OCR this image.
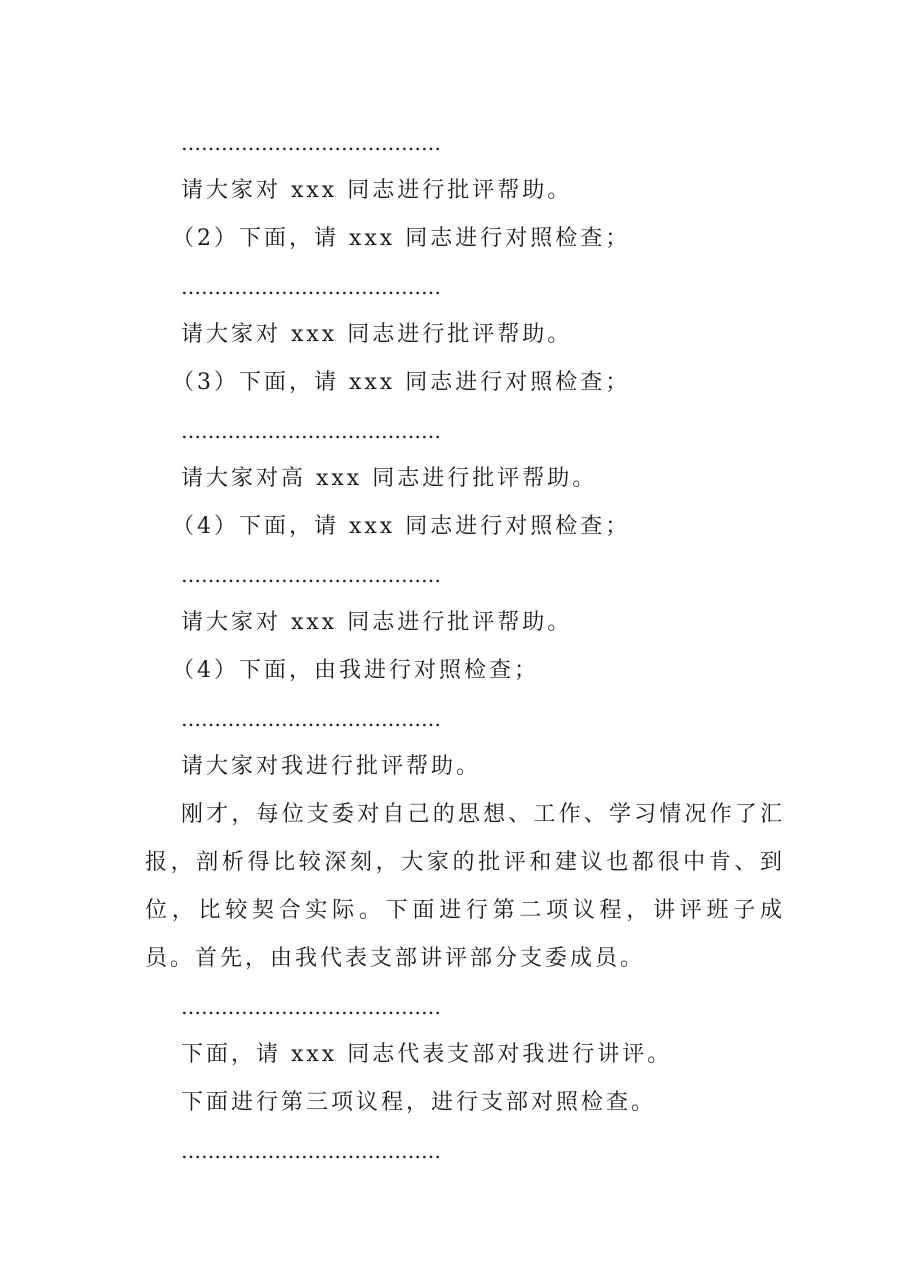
…………………………………
请大家对 xxx 同志进行批评帮助。
（2）下面，请 xxx 同志进行对照检查；
…………………………………
请大家对 xxx 同志进行批评帮助。
（3）下面，请 xxx 同志进行对照检查；
…………………………………
请大家对高 xxx 同志进行批评帮助。
（4）下面，请 xxx 同志进行对照检查；
…………………………………
请大家对 xxx 同志进行批评帮助。
（4）下面，由我进行对照检查；
…………………………………
请大家对我进行批评帮助。
刚才，每位支委对自己的思想、工作、学习情况作了汇报，剖析得比较深刻，大家的批评和建议也都很中肯、到位，比较契合实际。下面进行第二项议程，讲评班子成员。首先，由我代表支部讲评部分支委成员。
…………………………………
下面，请 xxx 同志代表支部对我进行讲评。
下面进行第三项议程，进行支部对照检查。
…………………………………
